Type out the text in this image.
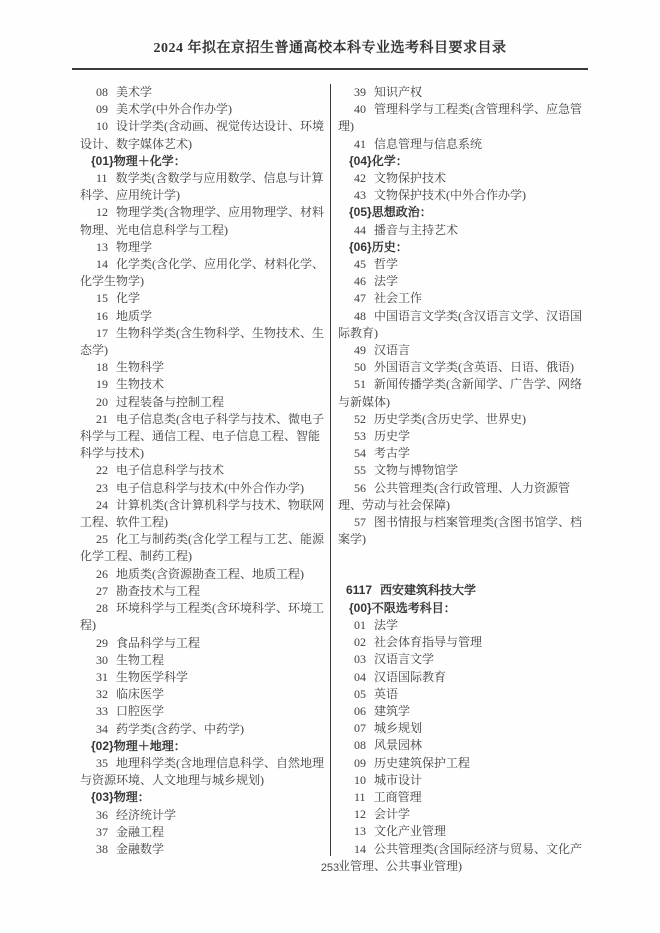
2024 年拟在京招生普通高校本科专业选考科目要求目录

08 美术学

09 美术学(中外合作办学)

10 设计学类(含动画、视觉传达设计、环境设计、数字媒体艺术)

{01}物理＋化学：

11 数学类(含数学与应用数学、信息与计算科学、应用统计学)

12 物理学类(含物理学、应用物理学、材料物理、光电信息科学与工程)

13 物理学

14 化学类(含化学、应用化学、材料化学、化学生物学)

15 化学

16 地质学

17 生物科学类(含生物科学、生物技术、生态学)

18 生物科学

19 生物技术

20 过程装备与控制工程

21 电子信息类(含电子科学与技术、微电子科学与工程、通信工程、电子信息工程、智能科学与技术)

22 电子信息科学与技术

23 电子信息科学与技术(中外合作办学)

24 计算机类(含计算机科学与技术、物联网工程、软件工程)

25 化工与制药类(含化学工程与工艺、能源化学工程、制药工程)

26 地质类(含资源勘查工程、地质工程)

27 勘查技术与工程

28 环境科学与工程类(含环境科学、环境工程)

29 食品科学与工程

30 生物工程

31 生物医学科学

32 临床医学

33 口腔医学

34 药学类(含药学、中药学)

{02}物理＋地理：

35 地理科学类(含地理信息科学、自然地理与资源环境、人文地理与城乡规划)

{03}物理：

36 经济统计学

37 金融工程

38 金融数学

39 知识产权

40 管理科学与工程类(含管理科学、应急管理)

41 信息管理与信息系统

{04}化学：

42 文物保护技术

43 文物保护技术(中外合作办学)

{05}思想政治：

44 播音与主持艺术

{06}历史：

45 哲学

46 法学

47 社会工作

48 中国语言文学类(含汉语言文学、汉语国际教育)

49 汉语言

50 外国语言文学类(含英语、日语、俄语)

51 新闻传播学类(含新闻学、广告学、网络与新媒体)

52 历史学类(含历史学、世界史)

53 历史学

54 考古学

55 文物与博物馆学

56 公共管理类(含行政管理、人力资源管理、劳动与社会保障)

57 图书情报与档案管理类(含图书馆学、档案学)

6117 西安建筑科技大学

{00}不限选考科目：

01 法学

02 社会体育指导与管理

03 汉语言文学

04 汉语国际教育

05 英语

06 建筑学

07 城乡规划

08 风景园林

09 历史建筑保护工程

10 城市设计

11 工商管理

12 会计学

13 文化产业管理

14 公共管理类(含国际经济与贸易、文化产业管理、公共事业管理)

253
